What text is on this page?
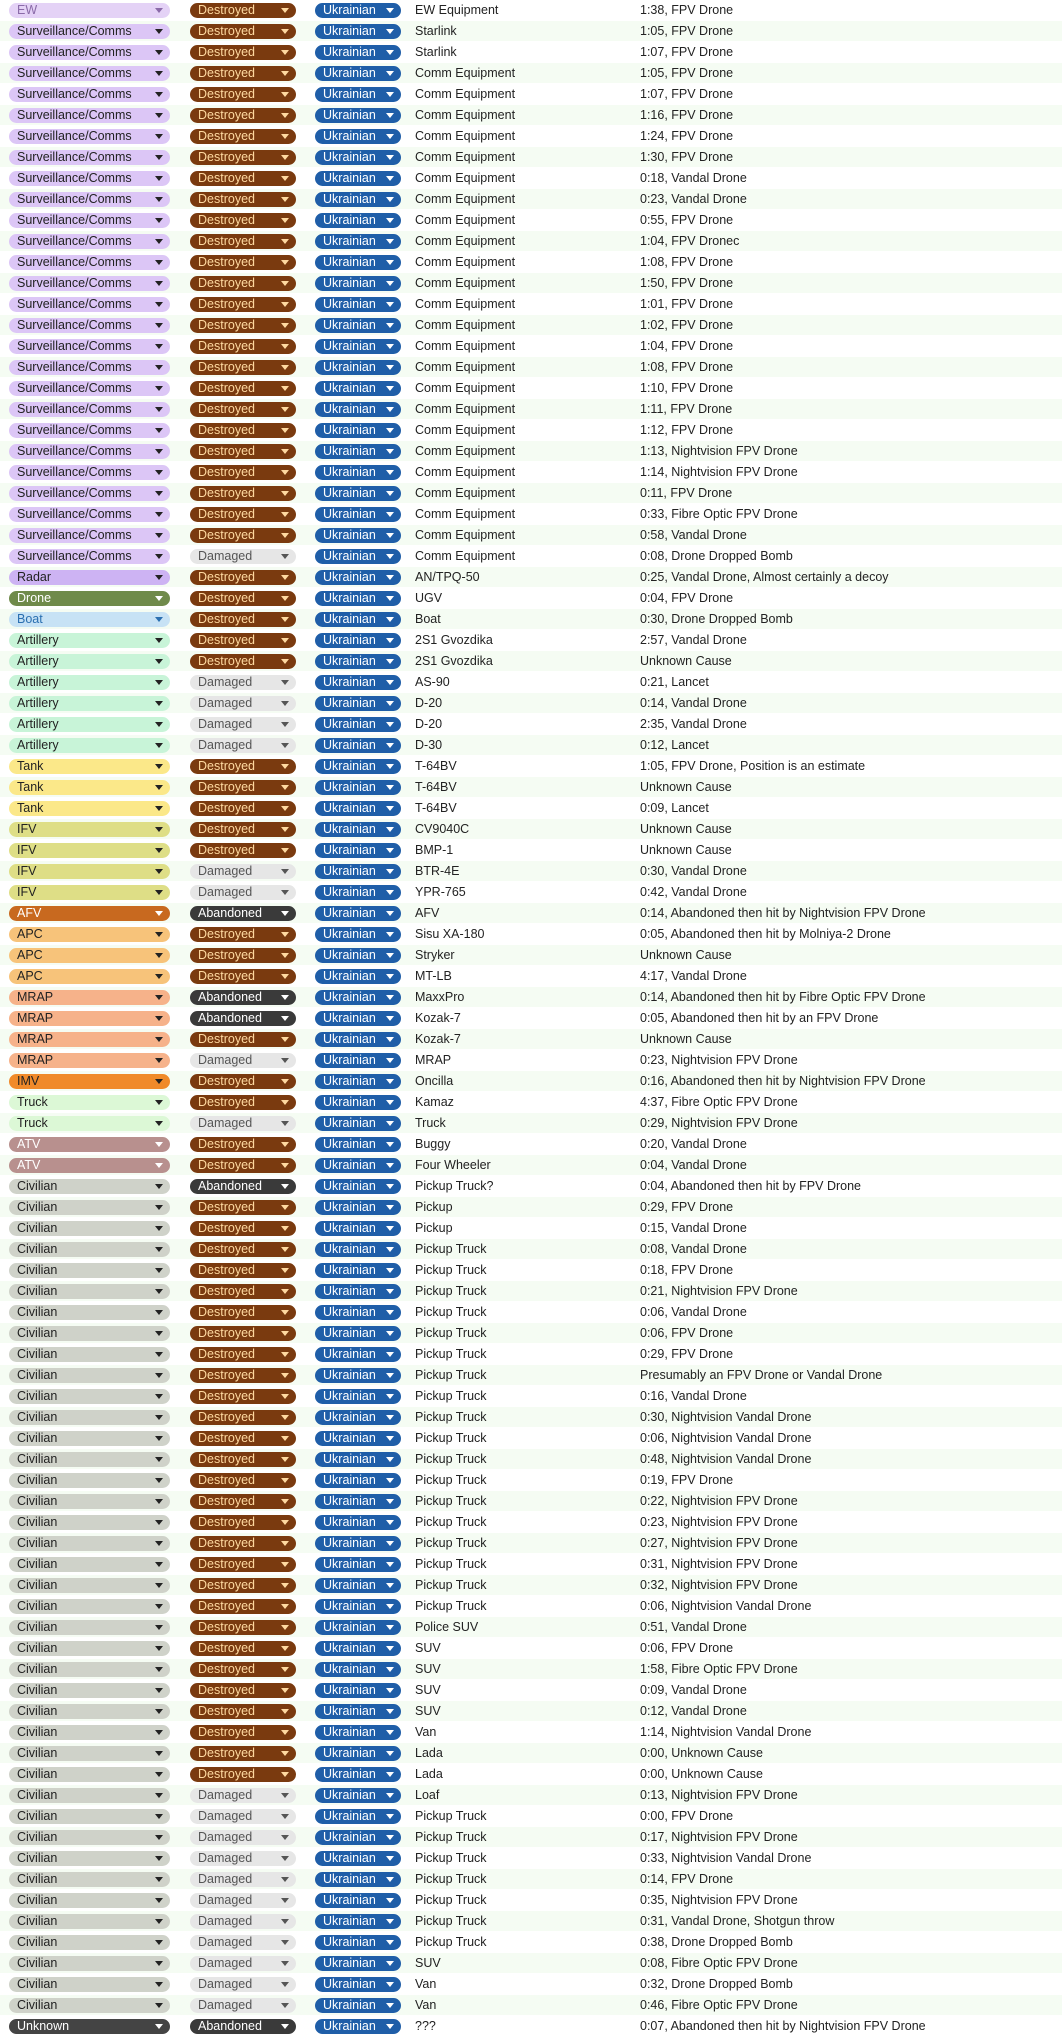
EW	Destroyed	Ukrainian	EW Equipment	1:38, FPV Drone
Surveillance/Comms	Destroyed	Ukrainian	Starlink	1:05, FPV Drone
Surveillance/Comms	Destroyed	Ukrainian	Starlink	1:07, FPV Drone
Surveillance/Comms	Destroyed	Ukrainian	Comm Equipment	1:05, FPV Drone
Surveillance/Comms	Destroyed	Ukrainian	Comm Equipment	1:07, FPV Drone
Surveillance/Comms	Destroyed	Ukrainian	Comm Equipment	1:16, FPV Drone
Surveillance/Comms	Destroyed	Ukrainian	Comm Equipment	1:24, FPV Drone
Surveillance/Comms	Destroyed	Ukrainian	Comm Equipment	1:30, FPV Drone
Surveillance/Comms	Destroyed	Ukrainian	Comm Equipment	0:18, Vandal Drone
Surveillance/Comms	Destroyed	Ukrainian	Comm Equipment	0:23, Vandal Drone
Surveillance/Comms	Destroyed	Ukrainian	Comm Equipment	0:55, FPV Drone
Surveillance/Comms	Destroyed	Ukrainian	Comm Equipment	1:04, FPV Dronec
Surveillance/Comms	Destroyed	Ukrainian	Comm Equipment	1:08, FPV Drone
Surveillance/Comms	Destroyed	Ukrainian	Comm Equipment	1:50, FPV Drone
Surveillance/Comms	Destroyed	Ukrainian	Comm Equipment	1:01, FPV Drone
Surveillance/Comms	Destroyed	Ukrainian	Comm Equipment	1:02, FPV Drone
Surveillance/Comms	Destroyed	Ukrainian	Comm Equipment	1:04, FPV Drone
Surveillance/Comms	Destroyed	Ukrainian	Comm Equipment	1:08, FPV Drone
Surveillance/Comms	Destroyed	Ukrainian	Comm Equipment	1:10, FPV Drone
Surveillance/Comms	Destroyed	Ukrainian	Comm Equipment	1:11, FPV Drone
Surveillance/Comms	Destroyed	Ukrainian	Comm Equipment	1:12, FPV Drone
Surveillance/Comms	Destroyed	Ukrainian	Comm Equipment	1:13, Nightvision FPV Drone
Surveillance/Comms	Destroyed	Ukrainian	Comm Equipment	1:14, Nightvision FPV Drone
Surveillance/Comms	Destroyed	Ukrainian	Comm Equipment	0:11, FPV Drone
Surveillance/Comms	Destroyed	Ukrainian	Comm Equipment	0:33, Fibre Optic FPV Drone
Surveillance/Comms	Destroyed	Ukrainian	Comm Equipment	0:58, Vandal Drone
Surveillance/Comms	Damaged	Ukrainian	Comm Equipment	0:08, Drone Dropped Bomb
Radar	Destroyed	Ukrainian	AN/TPQ-50	0:25, Vandal Drone, Almost certainly a decoy
Drone	Destroyed	Ukrainian	UGV	0:04, FPV Drone
Boat	Destroyed	Ukrainian	Boat	0:30, Drone Dropped Bomb
Artillery	Destroyed	Ukrainian	2S1 Gvozdika	2:57, Vandal Drone
Artillery	Destroyed	Ukrainian	2S1 Gvozdika	Unknown Cause
Artillery	Damaged	Ukrainian	AS-90	0:21, Lancet
Artillery	Damaged	Ukrainian	D-20	0:14, Vandal Drone
Artillery	Damaged	Ukrainian	D-20	2:35, Vandal Drone
Artillery	Damaged	Ukrainian	D-30	0:12, Lancet
Tank	Destroyed	Ukrainian	T-64BV	1:05, FPV Drone, Position is an estimate
Tank	Destroyed	Ukrainian	T-64BV	Unknown Cause
Tank	Destroyed	Ukrainian	T-64BV	0:09, Lancet
IFV	Destroyed	Ukrainian	CV9040C	Unknown Cause
IFV	Destroyed	Ukrainian	BMP-1	Unknown Cause
IFV	Damaged	Ukrainian	BTR-4E	0:30, Vandal Drone
IFV	Damaged	Ukrainian	YPR-765	0:42, Vandal Drone
AFV	Abandoned	Ukrainian	AFV	0:14, Abandoned then hit by Nightvision FPV Drone
APC	Destroyed	Ukrainian	Sisu XA-180	0:05, Abandoned then hit by Molniya-2 Drone
APC	Destroyed	Ukrainian	Stryker	Unknown Cause
APC	Destroyed	Ukrainian	MT-LB	4:17, Vandal Drone
MRAP	Abandoned	Ukrainian	MaxxPro	0:14, Abandoned then hit by Fibre Optic FPV Drone
MRAP	Abandoned	Ukrainian	Kozak-7	0:05, Abandoned then hit by an FPV Drone
MRAP	Destroyed	Ukrainian	Kozak-7	Unknown Cause
MRAP	Damaged	Ukrainian	MRAP	0:23, Nightvision FPV Drone
IMV	Destroyed	Ukrainian	Oncilla	0:16, Abandoned then hit by Nightvision FPV Drone
Truck	Destroyed	Ukrainian	Kamaz	4:37, Fibre Optic FPV Drone
Truck	Damaged	Ukrainian	Truck	0:29, Nightvision FPV Drone
ATV	Destroyed	Ukrainian	Buggy	0:20, Vandal Drone
ATV	Destroyed	Ukrainian	Four Wheeler	0:04, Vandal Drone
Civilian	Abandoned	Ukrainian	Pickup Truck?	0:04, Abandoned then hit by FPV Drone
Civilian	Destroyed	Ukrainian	Pickup	0:29, FPV Drone
Civilian	Destroyed	Ukrainian	Pickup	0:15, Vandal Drone
Civilian	Destroyed	Ukrainian	Pickup Truck	0:08, Vandal Drone
Civilian	Destroyed	Ukrainian	Pickup Truck	0:18, FPV Drone
Civilian	Destroyed	Ukrainian	Pickup Truck	0:21, Nightvision FPV Drone
Civilian	Destroyed	Ukrainian	Pickup Truck	0:06, Vandal Drone
Civilian	Destroyed	Ukrainian	Pickup Truck	0:06, FPV Drone
Civilian	Destroyed	Ukrainian	Pickup Truck	0:29, FPV Drone
Civilian	Destroyed	Ukrainian	Pickup Truck	Presumably an FPV Drone or Vandal Drone
Civilian	Destroyed	Ukrainian	Pickup Truck	0:16, Vandal Drone
Civilian	Destroyed	Ukrainian	Pickup Truck	0:30, Nightvision Vandal Drone
Civilian	Destroyed	Ukrainian	Pickup Truck	0:06, Nightvision Vandal Drone
Civilian	Destroyed	Ukrainian	Pickup Truck	0:48, Nightvision Vandal Drone
Civilian	Destroyed	Ukrainian	Pickup Truck	0:19, FPV Drone
Civilian	Destroyed	Ukrainian	Pickup Truck	0:22, Nightvision FPV Drone
Civilian	Destroyed	Ukrainian	Pickup Truck	0:23, Nightvision FPV Drone
Civilian	Destroyed	Ukrainian	Pickup Truck	0:27, Nightvision FPV Drone
Civilian	Destroyed	Ukrainian	Pickup Truck	0:31, Nightvision FPV Drone
Civilian	Destroyed	Ukrainian	Pickup Truck	0:32, Nightvision FPV Drone
Civilian	Destroyed	Ukrainian	Pickup Truck	0:06, Nightvision Vandal Drone
Civilian	Destroyed	Ukrainian	Police SUV	0:51, Vandal Drone
Civilian	Destroyed	Ukrainian	SUV	0:06, FPV Drone
Civilian	Destroyed	Ukrainian	SUV	1:58, Fibre Optic FPV Drone
Civilian	Destroyed	Ukrainian	SUV	0:09, Vandal Drone
Civilian	Destroyed	Ukrainian	SUV	0:12, Vandal Drone
Civilian	Destroyed	Ukrainian	Van	1:14, Nightvision Vandal Drone
Civilian	Destroyed	Ukrainian	Lada	0:00, Unknown Cause
Civilian	Destroyed	Ukrainian	Lada	0:00, Unknown Cause
Civilian	Damaged	Ukrainian	Loaf	0:13, Nightvision FPV Drone
Civilian	Damaged	Ukrainian	Pickup Truck	0:00, FPV Drone
Civilian	Damaged	Ukrainian	Pickup Truck	0:17, Nightvision FPV Drone
Civilian	Damaged	Ukrainian	Pickup Truck	0:33, Nightvision Vandal Drone
Civilian	Damaged	Ukrainian	Pickup Truck	0:14, FPV Drone
Civilian	Damaged	Ukrainian	Pickup Truck	0:35, Nightvision FPV Drone
Civilian	Damaged	Ukrainian	Pickup Truck	0:31, Vandal Drone, Shotgun throw
Civilian	Damaged	Ukrainian	Pickup Truck	0:38, Drone Dropped Bomb
Civilian	Damaged	Ukrainian	SUV	0:08, Fibre Optic FPV Drone
Civilian	Damaged	Ukrainian	Van	0:32, Drone Dropped Bomb
Civilian	Damaged	Ukrainian	Van	0:46, Fibre Optic FPV Drone
Unknown	Abandoned	Ukrainian	???	0:07, Abandoned then hit by Nightvision FPV Drone
